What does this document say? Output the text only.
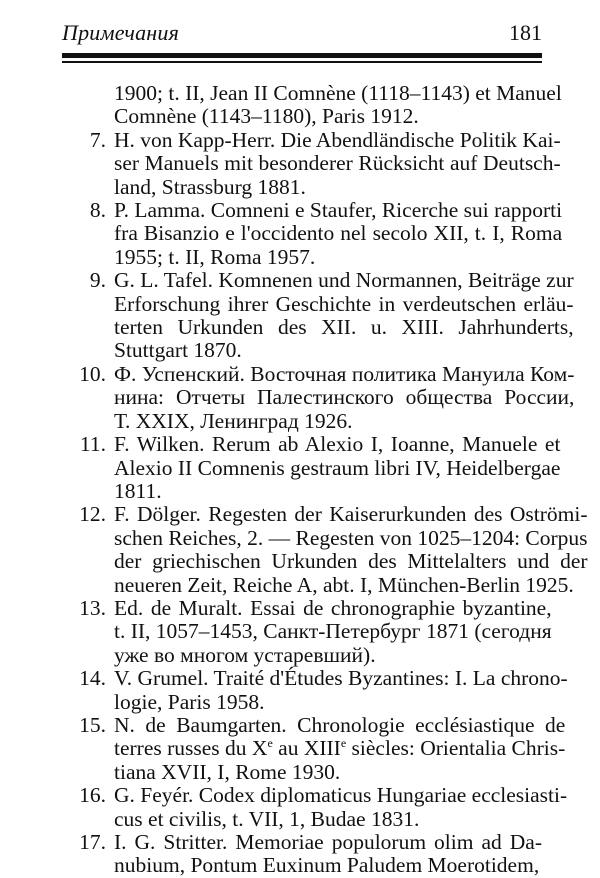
Примечания	181
1900; t. II, Jean II Comnène (1118–1143) et Manuel
Comnène (1143–1180), Paris 1912.
7. H. von Kapp-Herr. Die Abendländische Politik Kai-
ser Manuels mit besonderer Rücksicht auf Deutsch-
land, Strassburg 1881.
8. P. Lamma. Comneni e Staufer, Ricerche sui rapporti
fra Bisanzio e l'occidento nel secolo XII, t. I, Roma
1955; t. II, Roma 1957.
9. G. L. Tafel. Komnenen und Normannen, Beiträge zur
Erforschung ihrer Geschichte in verdeutschen erläu-
terten Urkunden des XII. u. XIII. Jahrhunderts,
Stuttgart 1870.
10. Ф. Успенский. Восточная политика Мануила Ком-
нина: Отчеты Палестинского общества России,
Т. XXIX, Ленинград 1926.
11. F. Wilken. Rerum ab Alexio I, Ioanne, Manuele et
Alexio II Comnenis gestraum libri IV, Heidelbergae
1811.
12. F. Dölger. Regesten der Kaiserurkunden des Oströmi-
schen Reiches, 2. — Regesten von 1025–1204: Corpus
der griechischen Urkunden des Mittelalters und der
neueren Zeit, Reiche A, abt. I, München-Berlin 1925.
13. Ed. de Muralt. Essai de chronographie byzantine,
t. II, 1057–1453, Санкт-Петербург 1871 (сегодня
уже во многом устаревший).
14. V. Grumel. Traité d'Études Byzantines: I. La chrono-
logie, Paris 1958.
15. N. de Baumgarten. Chronologie ecclésiastique de
terres russes du Xe au XIIIe siècles: Orientalia Chris-
tiana XVII, I, Rome 1930.
16. G. Feyér. Codex diplomaticus Hungariae ecclesiasti-
cus et civilis, t. VII, 1, Budae 1831.
17. I. G. Stritter. Memoriae populorum olim ad Da-
nubium, Pontum Euxinum Paludem Moerotidem,
